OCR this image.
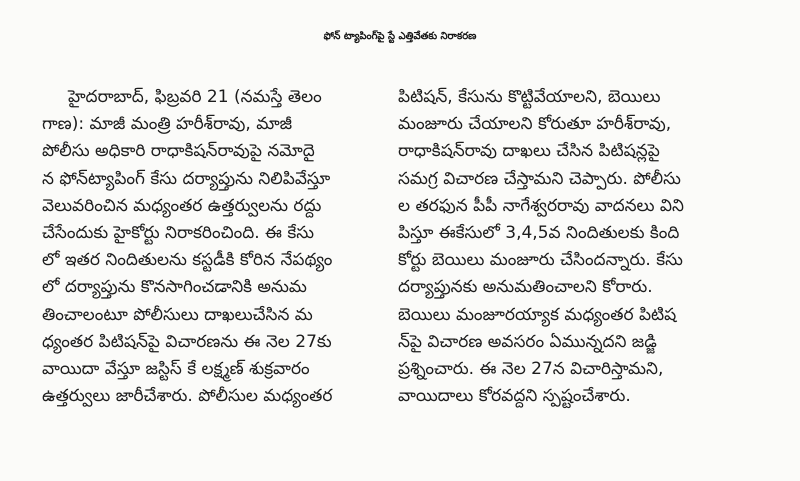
ఫోన్ ట్యాపింగ్‌పై స్టే ఎత్తివేతకు నిరాకరణ
హైదరాబాద్, ఫిబ్రవరి 21 (నమస్తే తెలం
గాణ): మాజీ మంత్రి హరీశ్‌రావు, మాజీ
పోలీసు అధికారి రాధాకిషన్‌రావుపై నమోదై
న ఫోన్‌ట్యాపింగ్ కేసు దర్యాప్తును నిలిపివేస్తూ
వెలువరించిన మధ్యంతర ఉత్తర్వులను రద్దు
చేసేందుకు హైకోర్టు నిరాకరించింది. ఈ కేసు
లో ఇతర నిందితులను కస్టడీకి కోరిన నేపథ్యం
లో దర్యాప్తును కొనసాగించడానికి అనుమ
తించాలంటూ పోలీసులు దాఖలుచేసిన మ
ధ్యంతర పిటిషన్‌పై విచారణను ఈ నెల 27కు
వాయిదా వేస్తూ జస్టిస్ కే లక్ష్మణ్ శుక్రవారం
ఉత్తర్వులు జారీచేశారు. పోలీసుల మధ్యంతర
పిటిషన్, కేసును కొట్టివేయాలని, బెయిలు
మంజూరు చేయాలని కోరుతూ హరీశ్‌రావు,
రాధాకిషన్‌రావు దాఖలు చేసిన పిటిషన్లపై
సమగ్ర విచారణ చేస్తామని చెప్పారు. పోలీసు
ల తరఫున పీపీ నాగేశ్వరరావు వాదనలు విని
పిస్తూ ఈకేసులో 3,4,5వ నిందితులకు కింది
కోర్టు బెయిలు మంజూరు చేసిందన్నారు. కేసు
దర్యాప్తునకు అనుమతించాలని కోరారు.
బెయిలు మంజూరయ్యాక మధ్యంతర పిటిష
న్‌పై విచారణ అవసరం ఏమున్నదని జడ్జి
ప్రశ్నించారు. ఈ నెల 27న విచారిస్తామని,
వాయిదాలు కోరవద్దని స్పష్టంచేశారు.
